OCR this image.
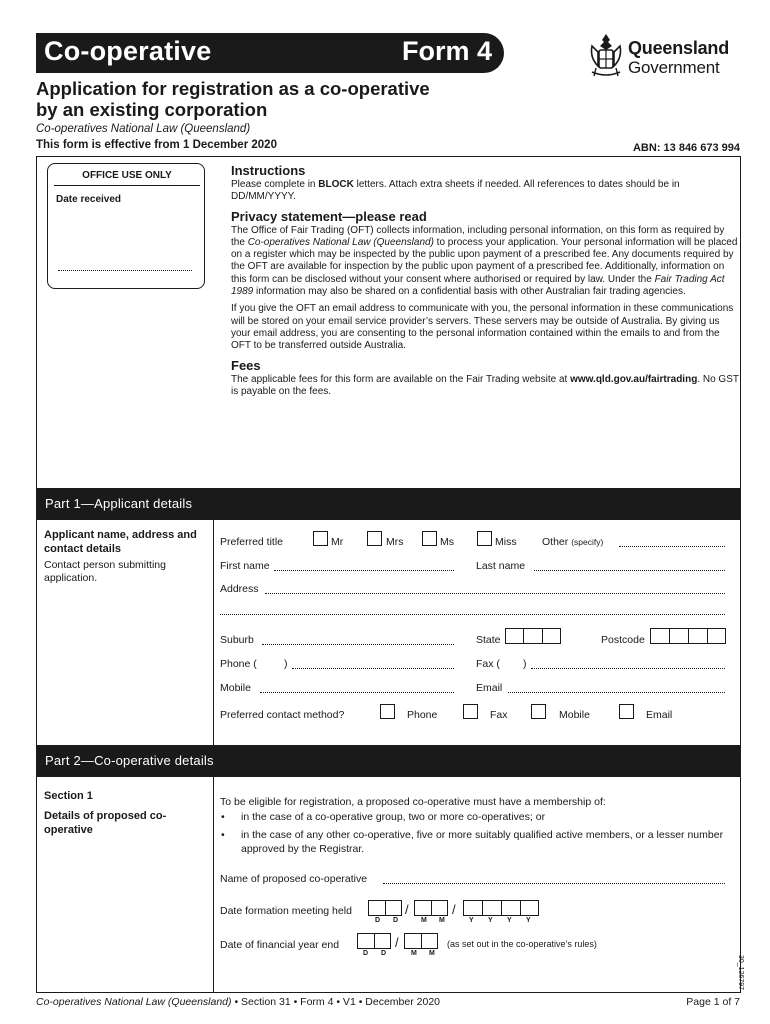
Co-operative	Form 4	Queensland
Government
Application for registration as a co-operative
by an existing corporation
Co-operatives National Law (Queensland)
This form is effective from 1 December 2020	ABN: 13 846 673 994
OFFICE USE ONLY
Date received
Instructions
Please complete in BLOCK letters. Attach extra sheets if needed. All references to dates should be in DD/MM/YYYY.
Privacy statement—please read
The Office of Fair Trading (OFT) collects information, including personal information, on this form as required by the Co-operatives National Law (Queensland) to process your application. Your personal information will be placed on a register which may be inspected by the public upon payment of a prescribed fee. Any documents required by the OFT are available for inspection by the public upon payment of a prescribed fee. Additionally, information on this form can be disclosed without your consent where authorised or required by law. Under the Fair Trading Act 1989 information may also be shared on a confidential basis with other Australian fair trading agencies.
If you give the OFT an email address to communicate with you, the personal information in these communications will be stored on your email service provider’s servers. These servers may be outside of Australia. By giving us your email address, you are consenting to the personal information contained within the emails to and from the OFT to be transferred outside Australia.
Fees
The applicable fees for this form are available on the Fair Trading website at www.qld.gov.au/fairtrading. No GST is payable on the fees.
Part 1—Applicant details
Applicant name, address and contact details
Contact person submitting application.
Preferred title	Mr	Mrs	Ms	Miss Other (specify)
First name	Last name
Address
Suburb	State	Postcode
Phone (	)	Fax ( )
Mobile	Email
Preferred contact method?	Phone	Fax	Mobile	Email
Part 2—Co-operative details
Section 1
Details of proposed co-operative
To be eligible for registration, a proposed co-operative must have a membership of:
• in the case of a co-operative group, two or more co-operatives; or
• in the case of any other co-operative, five or more suitably qualified active members, or a lesser number approved by the Registrar.
Name of proposed co-operative
Date formation meeting held	/	/
D D	M M	Y Y Y Y
Date of financial year end	/	(as set out in the co-operative’s rules)
D D	M M
Co-operatives National Law (Queensland) • Section 31 • Form 4 • V1 • December 2020	Page 1 of 7
30_126797
